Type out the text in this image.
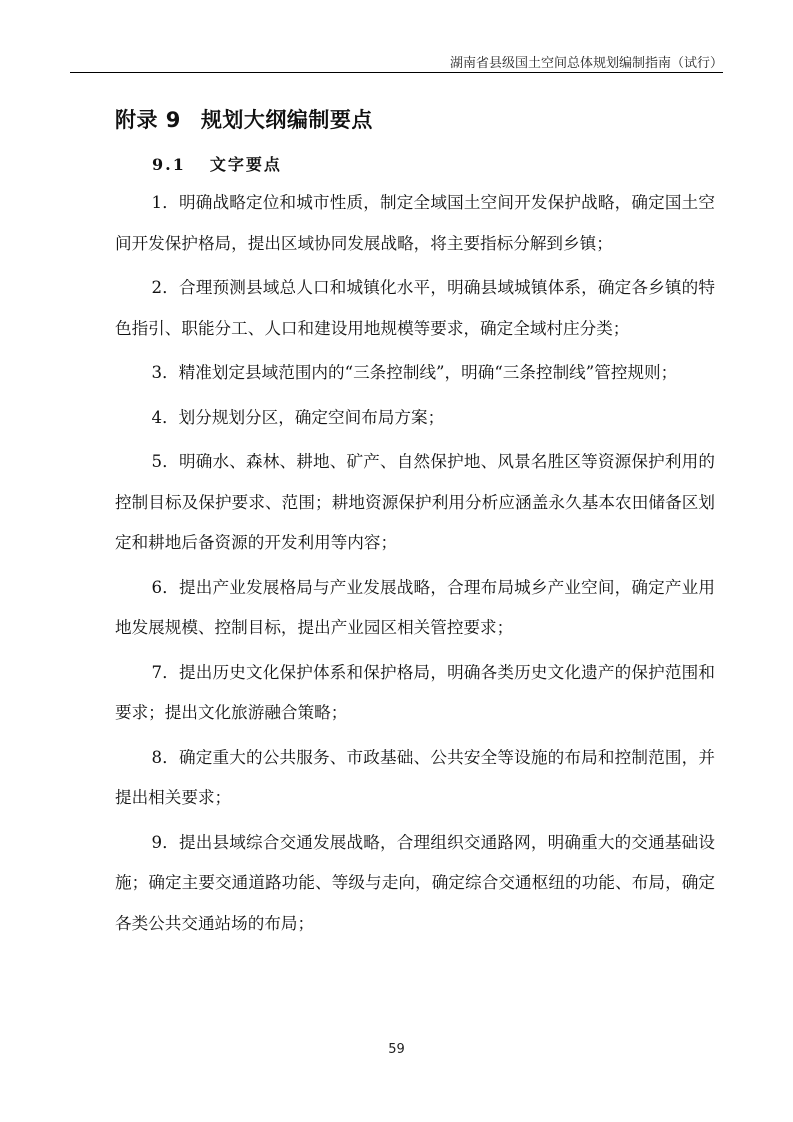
湖南省县级国土空间总体规划编制指南（试行）
附录 9 规划大纲编制要点
9.1 文字要点

1．明确战略定位和城市性质，制定全域国土空间开发保护战略，确定国土空间开发保护格局，提出区域协同发展战略，将主要指标分解到乡镇；

2．合理预测县域总人口和城镇化水平，明确县域城镇体系，确定各乡镇的特色指引、职能分工、人口和建设用地规模等要求，确定全域村庄分类；

3．精准划定县域范围内的“三条控制线”，明确“三条控制线”管控规则；

4．划分规划分区，确定空间布局方案；

5．明确水、森林、耕地、矿产、自然保护地、风景名胜区等资源保护利用的控制目标及保护要求、范围；耕地资源保护利用分析应涵盖永久基本农田储备区划定和耕地后备资源的开发利用等内容；

6．提出产业发展格局与产业发展战略，合理布局城乡产业空间，确定产业用地发展规模、控制目标，提出产业园区相关管控要求；

7．提出历史文化保护体系和保护格局，明确各类历史文化遗产的保护范围和要求；提出文化旅游融合策略；

8．确定重大的公共服务、市政基础、公共安全等设施的布局和控制范围，并提出相关要求；

9．提出县域综合交通发展战略，合理组织交通路网，明确重大的交通基础设施；确定主要交通道路功能、等级与走向，确定综合交通枢纽的功能、布局，确定各类公共交通站场的布局；

59
